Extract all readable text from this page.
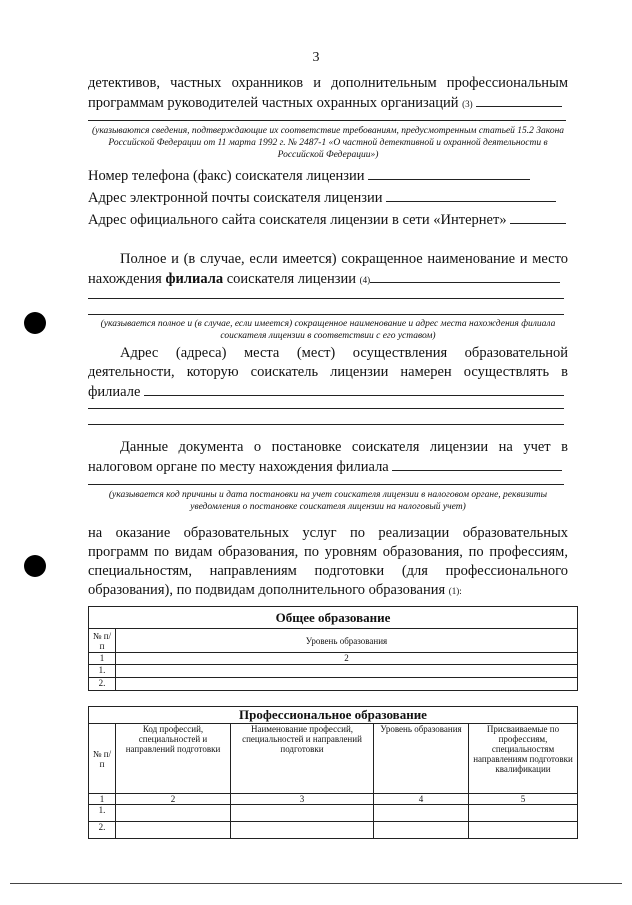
3
детективов, частных охранников и дополнительным профессиональным программам руководителей частных охранных организаций (3)
(указываются сведения, подтверждающие их соответствие требованиям, предусмотренным статьей 15.2 Закона Российской Федерации от 11 марта 1992 г. № 2487-1 «О частной детективной и охранной деятельности в Российской Федерации»)
Номер телефона (факс) соискателя лицензии
Адрес электронной почты соискателя лицензии
Адрес официального сайта соискателя лицензии в сети «Интернет»
Полное и (в случае, если имеется) сокращенное наименование и место нахождения филиала соискателя лицензии (4)
(указывается полное и (в случае, если имеется) сокращенное наименование и адрес места нахождения филиала соискателя лицензии в соответствии с его уставом)
Адрес (адреса) места (мест) осуществления образовательной деятельности, которую соискатель лицензии намерен осуществлять в филиале
Данные документа о постановке соискателя лицензии на учет в налоговом органе по месту нахождения филиала
(указывается код причины и дата постановки на учет соискателя лицензии в налоговом органе, реквизиты уведомления о постановке соискателя лицензии на налоговый учет)
на оказание образовательных услуг по реализации образовательных программ по видам образования, по уровням образования, по профессиям, специальностям, направлениям подготовки (для профессионального образования), по подвидам дополнительного образования (1):
Общее образование	
№ п/п	Уровень образования
1	2
1.	
2.	
Профессиональное образование				
№ п/п	Код профессий, специальностей и направлений подготовки	Наименование профессий, специальностей и направлений подготовки	Уровень образования	Присваиваемые по профессиям, специальностям направлениям подготовки квалификации
1	2	3	4	5
1.				
2.				
